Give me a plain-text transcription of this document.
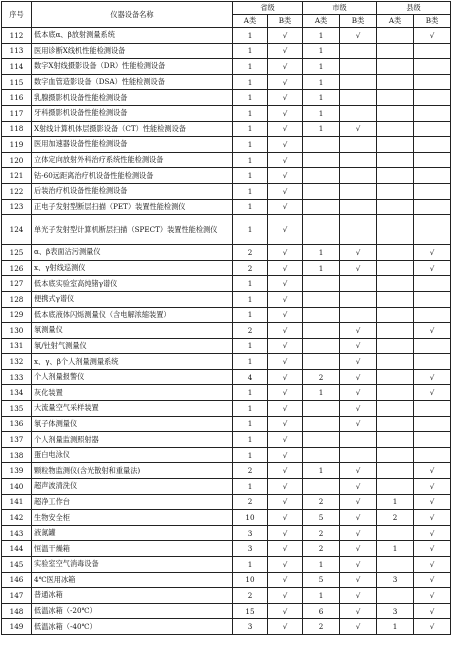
序号	仪器设备名称	省级		市级		县级	
		A类	B类	A类	B类	A类	B类
112	低本底α、β放射测量系统	1	√	1	√		√
113	医用诊断X线机性能检测设备	1	√	1			
114	数字X射线摄影设备（DR）性能检测设备	1	√	1			
115	数字血管造影设备（DSA）性能检测设备	1	√	1			
116	乳腺摄影机设备性能检测设备	1	√	1			
117	牙科摄影机设备性能检测设备	1	√	1			
118	X射线计算机体层摄影设备（CT）性能检测设备	1	√	1	√		
119	医用加速器设备性能检测设备	1	√				
120	立体定向放射外科治疗系统性能检测设备	1	√				
121	钴-60远距离治疗机设备性能检测设备	1	√				
122	后装治疗机设备性能检测设备	1	√				
123	正电子发射型断层扫描（PET）装置性能检测仪	1	√				
124	单光子发射型计算机断层扫描（SPECT）装置性能检测仪	1	√				
125	α、β表面沾污测量仪	2	√	1	√		√
126	x、γ射线巡测仪	2	√	1	√		√
127	低本底实验室高纯锗γ谱仪	1	√				
128	便携式γ谱仪	1	√				
129	低本底液体闪烁测量仪（含电解浓缩装置）	1	√				
130	氡测量仪	2	√		√		√
131	氡/钍射气测量仪	1	√		√		
132	x、γ、β个人剂量测量系统	1	√		√		
133	个人剂量报警仪	4	√	2	√		√
134	灰化装置	1	√	1	√		√
135	大流量空气采样装置	1	√		√		
136	氡子体测量仪	1	√		√		
137	个人剂量监测照射器	1	√				
138	蛋白电泳仪	1	√				
139	颗粒物监测仪(含光散射和重量法)	2	√	1	√		√
140	超声波清洗仪	1	√		√		√
141	超净工作台	2	√	2	√	1	√
142	生物安全柜	10	√	5	√	2	√
143	液氮罐	3	√	2	√		√
144	恒温干燥箱	3	√	2	√	1	√
145	实验室空气消毒设备	1	√	1	√		√
146	4℃医用冰箱	10	√	5	√	3	√
147	普通冰箱	2	√	1	√		√
148	低温冰箱（-20℃）	15	√	6	√	3	√
149	低温冰箱（-40℃）	3	√	2	√	1	√
